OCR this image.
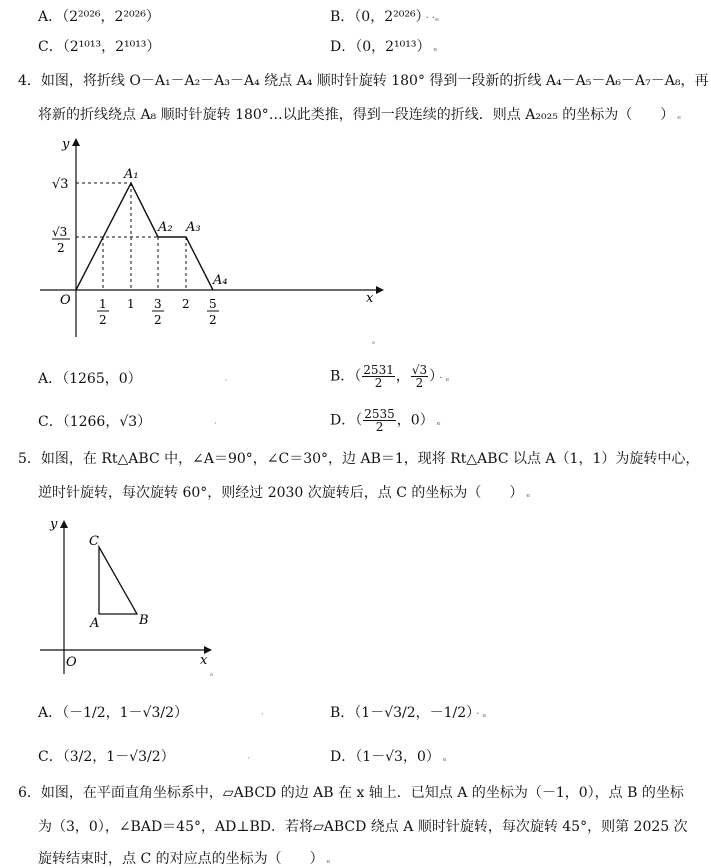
A．（2²⁰²⁶，2²⁰²⁶）	B．（0，2²⁰²⁶） · ·ₑ
C．（2¹⁰¹³，2¹⁰¹³）	D．（0，2¹⁰¹³） ₑ
4．如图，将折线 O－A₁－A₂－A₃－A₄ 绕点 A₄ 顺时针旋转 180° 得到一段新的折线 A₄－A₅－A₆－A₇－A₈，再
将新的折线绕点 A₈ 顺时针旋转 180°…以此类推，得到一段连续的折线．则点 A₂₀₂₅ 的坐标为（　　） ₑ
y
x
O
√3
√3
2
1
2
1 3
2
2 5
2
A₁
A₂ A₃
A₄
ₑ
A．（1265，0）	·	B．（ $\frac{2531}{2}$ ， $\frac{√3}{2}$ ） · ₑ
C．（1266，√3）	·	D．（ $\frac{2535}{2}$ ，0） ₑ
5．如图，在 Rt△ABC 中，∠A＝90°，∠C＝30°，边 AB＝1，现将 Rt△ABC 以点 A（1，1）为旋转中心，
逆时针旋转，每次旋转 60°，则经过 2030 次旋转后，点 C 的坐标为（　　） ₑ
y
x
O
C
A	B
ₑ
A．（－1/2，1－√3/2）	·	B．（1－√3/2，－1/2） · ₑ
C．（3/2，1－√3/2）	·	D．（1－√3，0） ₑ
6．如图，在平面直角坐标系中，▱ABCD 的边 AB 在 x 轴上．已知点 A 的坐标为（－1，0），点 B 的坐标
为（3，0），∠BAD＝45°，AD⊥BD．若将▱ABCD 绕点 A 顺时针旋转，每次旋转 45°，则第 2025 次
旋转结束时，点 C 的对应点的坐标为（　　） ₑ
